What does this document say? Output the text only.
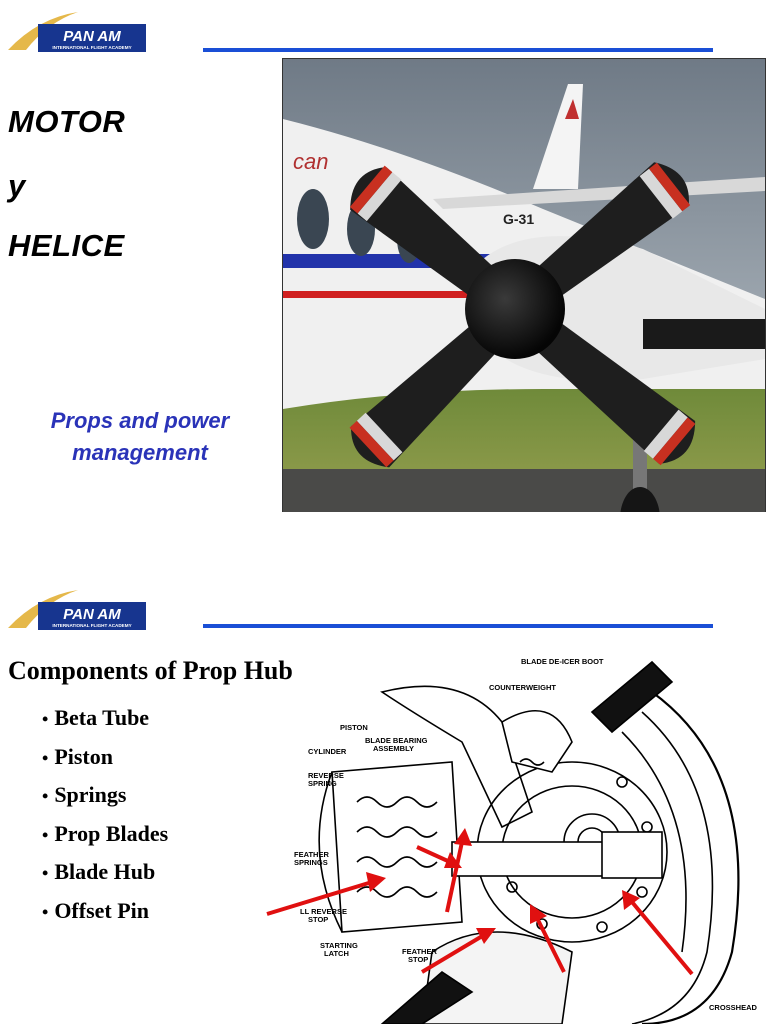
PAN AM
INTERNATIONAL FLIGHT ACADEMY
MOTOR
y
HELICE
Props and power
management
can
G-31
PAN AM
INTERNATIONAL FLIGHT ACADEMY
Components of Prop Hub
• Beta Tube
• Piston
• Springs
• Prop Blades
• Blade Hub
• Offset Pin
BLADE DE-ICER BOOT
COUNTERWEIGHT
PISTON
BLADE BEARING
ASSEMBLY
CYLINDER
REVERSE
SPRING
FEATHER
SPRINGS
LL REVERSE
STOP
STARTING
LATCH	FEATHER
STOP
CROSSHEAD
